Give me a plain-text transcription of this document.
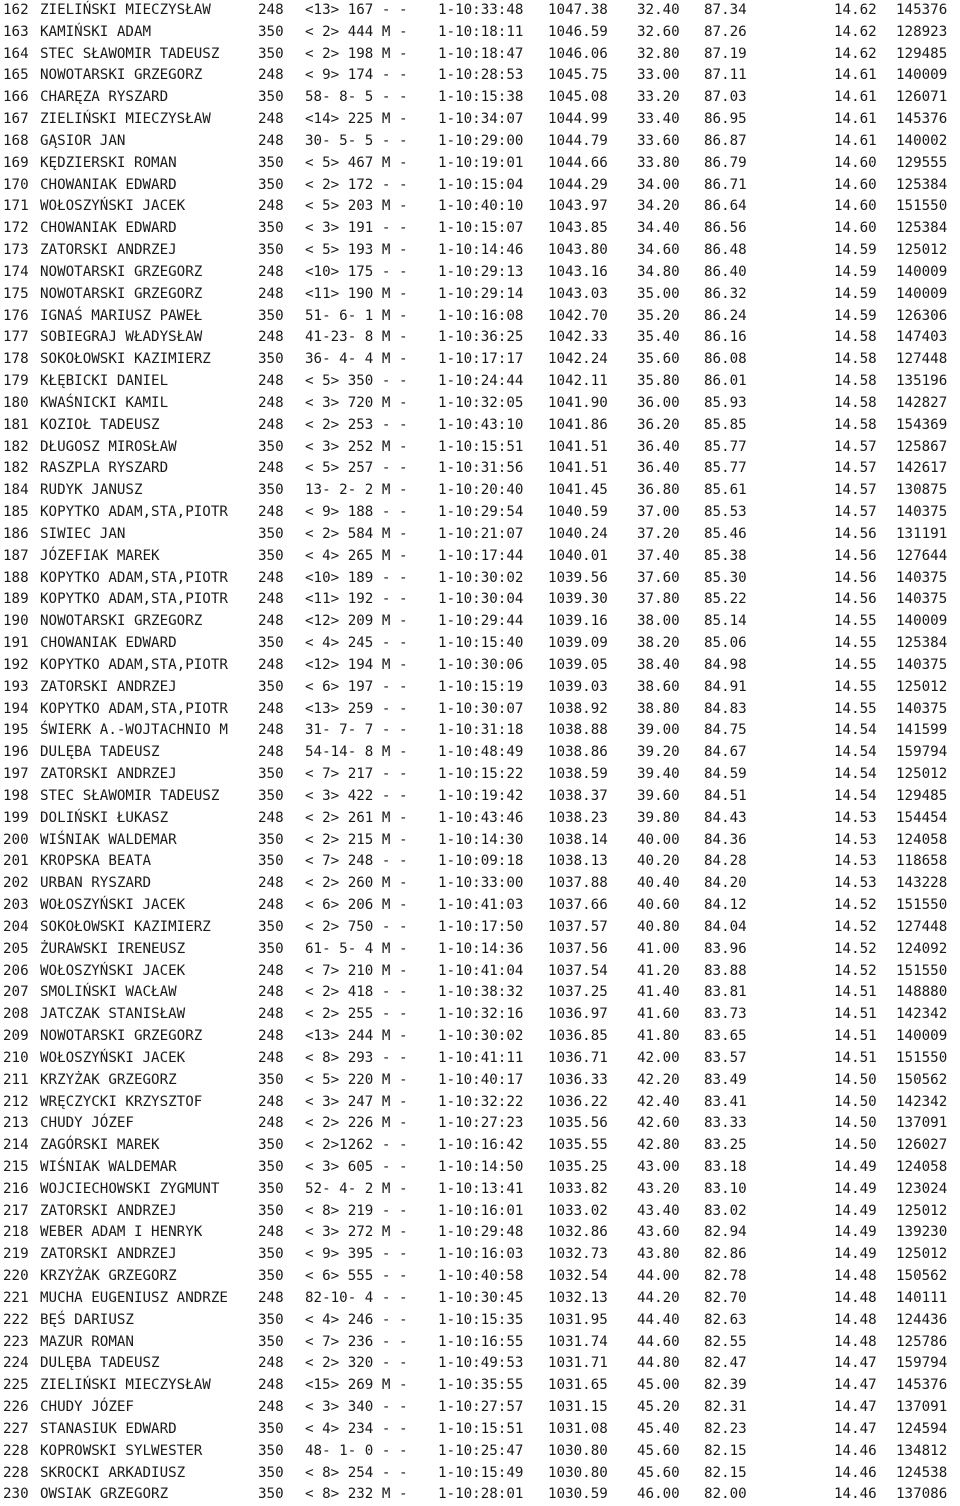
162 ZIELIŃSKI MIECZYSŁAW	248 <13> 167 - - 1-10:33:48 1047.38 32.40 87.34	14.62 145376
163 KAMIŃSKI ADAM	350 < 2> 444 M - 1-10:18:11 1046.59 32.60 87.26	14.62 128923
164 STEC SŁAWOMIR TADEUSZ	350 < 2> 198 M - 1-10:18:47 1046.06 32.80 87.19	14.62 129485
165 NOWOTARSKI GRZEGORZ	248 < 9> 174 - - 1-10:28:53 1045.75 33.00 87.11	14.61 140009
166 CHARĘZA RYSZARD	350 58- 8- 5 - - 1-10:15:38 1045.08 33.20 87.03	14.61 126071
167 ZIELIŃSKI MIECZYSŁAW	248 <14> 225 M - 1-10:34:07 1044.99 33.40 86.95	14.61 145376
168 GĄSIOR JAN	248 30- 5- 5 - - 1-10:29:00 1044.79 33.60 86.87	14.61 140002
169 KĘDZIERSKI ROMAN	350 < 5> 467 M - 1-10:19:01 1044.66 33.80 86.79	14.60 129555
170 CHOWANIAK EDWARD	350 < 2> 172 - - 1-10:15:04 1044.29 34.00 86.71	14.60 125384
171 WOŁOSZYŃSKI JACEK	248 < 5> 203 M - 1-10:40:10 1043.97 34.20 86.64	14.60 151550
172 CHOWANIAK EDWARD	350 < 3> 191 - - 1-10:15:07 1043.85 34.40 86.56	14.60 125384
173 ZATORSKI ANDRZEJ	350 < 5> 193 M - 1-10:14:46 1043.80 34.60 86.48	14.59 125012
174 NOWOTARSKI GRZEGORZ	248 <10> 175 - - 1-10:29:13 1043.16 34.80 86.40	14.59 140009
175 NOWOTARSKI GRZEGORZ	248 <11> 190 M - 1-10:29:14 1043.03 35.00 86.32	14.59 140009
176 IGNAŚ MARIUSZ PAWEŁ	350 51- 6- 1 M - 1-10:16:08 1042.70 35.20 86.24	14.59 126306
177 SOBIEGRAJ WŁADYSŁAW	248 41-23- 8 M - 1-10:36:25 1042.33 35.40 86.16	14.58 147403
178 SOKOŁOWSKI KAZIMIERZ	350 36- 4- 4 M - 1-10:17:17 1042.24 35.60 86.08	14.58 127448
179 KŁĘBICKI DANIEL	248 < 5> 350 - - 1-10:24:44 1042.11 35.80 86.01	14.58 135196
180 KWAŚNICKI KAMIL	248 < 3> 720 M - 1-10:32:05 1041.90 36.00 85.93	14.58 142827
181 KOZIOŁ TADEUSZ	248 < 2> 253 - - 1-10:43:10 1041.86 36.20 85.85	14.58 154369
182 DŁUGOSZ MIROSŁAW	350 < 3> 252 M - 1-10:15:51 1041.51 36.40 85.77	14.57 125867
182 RASZPLA RYSZARD	248 < 5> 257 - - 1-10:31:56 1041.51 36.40 85.77	14.57 142617
184 RUDYK JANUSZ	350 13- 2- 2 M - 1-10:20:40 1041.45 36.80 85.61	14.57 130875
185 KOPYTKO ADAM,STA,PIOTR 248 < 9> 188 - - 1-10:29:54 1040.59 37.00 85.53	14.57 140375
186 SIWIEC JAN	350 < 2> 584 M - 1-10:21:07 1040.24 37.20 85.46	14.56 131191
187 JÓZEFIAK MAREK	350 < 4> 265 M - 1-10:17:44 1040.01 37.40 85.38	14.56 127644
188 KOPYTKO ADAM,STA,PIOTR 248 <10> 189 - - 1-10:30:02 1039.56 37.60 85.30	14.56 140375
189 KOPYTKO ADAM,STA,PIOTR 248 <11> 192 - - 1-10:30:04 1039.30 37.80 85.22	14.56 140375
190 NOWOTARSKI GRZEGORZ	248 <12> 209 M - 1-10:29:44 1039.16 38.00 85.14	14.55 140009
191 CHOWANIAK EDWARD	350 < 4> 245 - - 1-10:15:40 1039.09 38.20 85.06	14.55 125384
192 KOPYTKO ADAM,STA,PIOTR 248 <12> 194 M - 1-10:30:06 1039.05 38.40 84.98	14.55 140375
193 ZATORSKI ANDRZEJ	350 < 6> 197 - - 1-10:15:19 1039.03 38.60 84.91	14.55 125012
194 KOPYTKO ADAM,STA,PIOTR 248 <13> 259 - - 1-10:30:07 1038.92 38.80 84.83	14.55 140375
195 ŚWIERK A.-WOJTACHNIO M 248 31- 7- 7 - - 1-10:31:18 1038.88 39.00 84.75	14.54 141599
196 DULĘBA TADEUSZ	248 54-14- 8 M - 1-10:48:49 1038.86 39.20 84.67	14.54 159794
197 ZATORSKI ANDRZEJ	350 < 7> 217 - - 1-10:15:22 1038.59 39.40 84.59	14.54 125012
198 STEC SŁAWOMIR TADEUSZ	350 < 3> 422 - - 1-10:19:42 1038.37 39.60 84.51	14.54 129485
199 DOLIŃSKI ŁUKASZ	248 < 2> 261 M - 1-10:43:46 1038.23 39.80 84.43	14.53 154454
200 WIŚNIAK WALDEMAR	350 < 2> 215 M - 1-10:14:30 1038.14 40.00 84.36	14.53 124058
201 KROPSKA BEATA	350 < 7> 248 - - 1-10:09:18 1038.13 40.20 84.28	14.53 118658
202 URBAN RYSZARD	248 < 2> 260 M - 1-10:33:00 1037.88 40.40 84.20	14.53 143228
203 WOŁOSZYŃSKI JACEK	248 < 6> 206 M - 1-10:41:03 1037.66 40.60 84.12	14.52 151550
204 SOKOŁOWSKI KAZIMIERZ	350 < 2> 750 - - 1-10:17:50 1037.57 40.80 84.04	14.52 127448
205 ŻURAWSKI IRENEUSZ	350 61- 5- 4 M - 1-10:14:36 1037.56 41.00 83.96	14.52 124092
206 WOŁOSZYŃSKI JACEK	248 < 7> 210 M - 1-10:41:04 1037.54 41.20 83.88	14.52 151550
207 SMOLIŃSKI WACŁAW	248 < 2> 418 - - 1-10:38:32 1037.25 41.40 83.81	14.51 148880
208 JATCZAK STANISŁAW	248 < 2> 255 - - 1-10:32:16 1036.97 41.60 83.73	14.51 142342
209 NOWOTARSKI GRZEGORZ	248 <13> 244 M - 1-10:30:02 1036.85 41.80 83.65	14.51 140009
210 WOŁOSZYŃSKI JACEK	248 < 8> 293 - - 1-10:41:11 1036.71 42.00 83.57	14.51 151550
211 KRZYŻAK GRZEGORZ	350 < 5> 220 M - 1-10:40:17 1036.33 42.20 83.49	14.50 150562
212 WRĘCZYCKI KRZYSZTOF	248 < 3> 247 M - 1-10:32:22 1036.22 42.40 83.41	14.50 142342
213 CHUDY JÓZEF	248 < 2> 226 M - 1-10:27:23 1035.56 42.60 83.33	14.50 137091
214 ZAGÓRSKI MAREK	350 < 2>1262 - - 1-10:16:42 1035.55 42.80 83.25	14.50 126027
215 WIŚNIAK WALDEMAR	350 < 3> 605 - - 1-10:14:50 1035.25 43.00 83.18	14.49 124058
216 WOJCIECHOWSKI ZYGMUNT	350 52- 4- 2 M - 1-10:13:41 1033.82 43.20 83.10	14.49 123024
217 ZATORSKI ANDRZEJ	350 < 8> 219 - - 1-10:16:01 1033.02 43.40 83.02	14.49 125012
218 WEBER ADAM I HENRYK	248 < 3> 272 M - 1-10:29:48 1032.86 43.60 82.94	14.49 139230
219 ZATORSKI ANDRZEJ	350 < 9> 395 - - 1-10:16:03 1032.73 43.80 82.86	14.49 125012
220 KRZYŻAK GRZEGORZ	350 < 6> 555 - - 1-10:40:58 1032.54 44.00 82.78	14.48 150562
221 MUCHA EUGENIUSZ ANDRZE 248 82-10- 4 - - 1-10:30:45 1032.13 44.20 82.70	14.48 140111
222 BĘŚ DARIUSZ	350 < 4> 246 - - 1-10:15:35 1031.95 44.40 82.63	14.48 124436
223 MAZUR ROMAN	350 < 7> 236 - - 1-10:16:55 1031.74 44.60 82.55	14.48 125786
224 DULĘBA TADEUSZ	248 < 2> 320 - - 1-10:49:53 1031.71 44.80 82.47	14.47 159794
225 ZIELIŃSKI MIECZYSŁAW	248 <15> 269 M - 1-10:35:55 1031.65 45.00 82.39	14.47 145376
226 CHUDY JÓZEF	248 < 3> 340 - - 1-10:27:57 1031.15 45.20 82.31	14.47 137091
227 STANASIUK EDWARD	350 < 4> 234 - - 1-10:15:51 1031.08 45.40 82.23	14.47 124594
228 KOPROWSKI SYLWESTER	350 48- 1- 0 - - 1-10:25:47 1030.80 45.60 82.15	14.46 134812
228 SKROCKI ARKADIUSZ	350 < 8> 254 - - 1-10:15:49 1030.80 45.60 82.15	14.46 124538
230 OWSIAK GRZEGORZ	350 < 8> 232 M - 1-10:28:01 1030.59 46.00 82.00	14.46 137086
